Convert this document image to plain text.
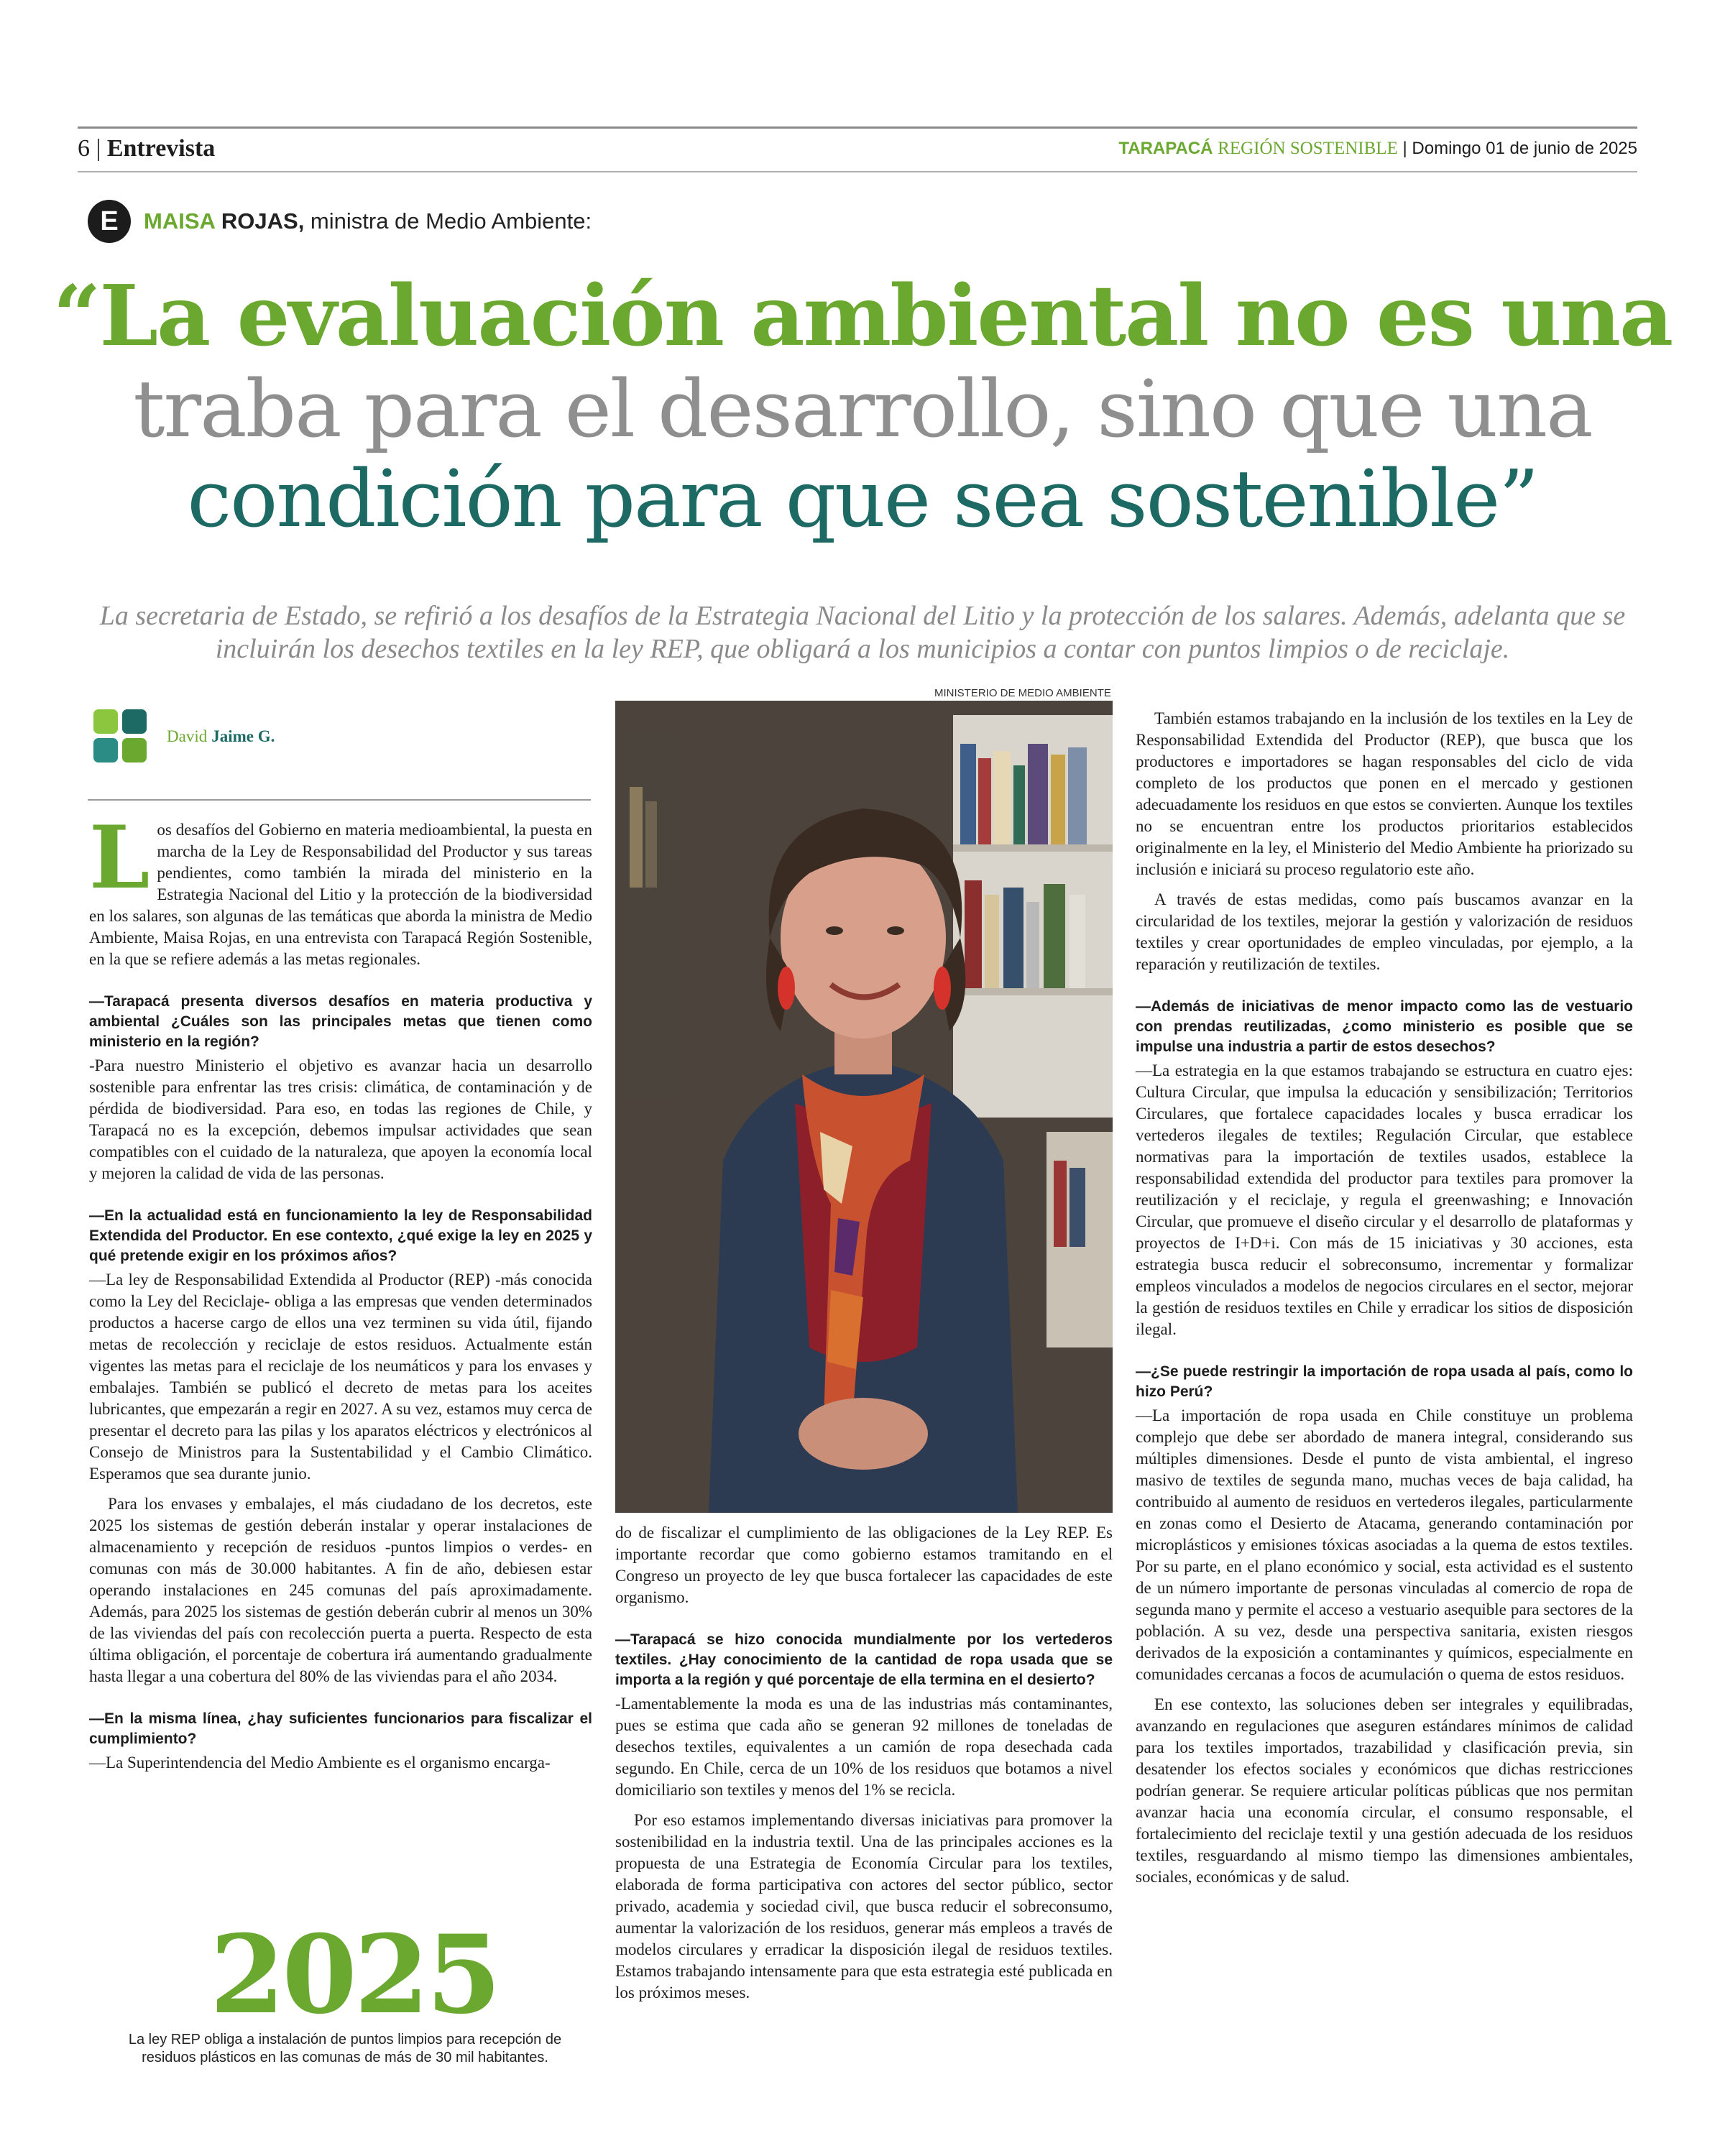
6 | Entrevista	TARAPACÁ REGIÓN SOSTENIBLE | Domingo 01 de junio de 2025
E	MAISA ROJAS, ministra de Medio Ambiente:
“La evaluación ambiental no es una
traba para el desarrollo, sino que una
condición para que sea sostenible”
La secretaria de Estado, se refirió a los desafíos de la Estrategia Nacional del Litio y la protección de los salares. Además, adelanta que se incluirán los desechos textiles en la ley REP, que obligará a los municipios a contar con puntos limpios o de reciclaje.
David Jaime G.

Los desafíos del Gobierno en materia medioambiental, la puesta en marcha de la Ley de Responsabilidad del Productor y sus tareas pendientes, como también la mirada del ministerio en la Estrategia Nacional del Litio y la protección de la biodiversidad en los salares, son algunas de las temáticas que aborda la ministra de Medio Ambiente, Maisa Rojas, en una entrevista con Tarapacá Región Sostenible, en la que se refiere además a las metas regionales.

—Tarapacá presenta diversos desafíos en materia productiva y ambiental ¿Cuáles son las principales metas que tienen como ministerio en la región?

-Para nuestro Ministerio el objetivo es avanzar hacia un desarrollo sostenible para enfrentar las tres crisis: climática, de contaminación y de pérdida de biodiversidad. Para eso, en todas las regiones de Chile, y Tarapacá no es la excepción, debemos impulsar actividades que sean compatibles con el cuidado de la naturaleza, que apoyen la economía local y mejoren la calidad de vida de las personas.

—En la actualidad está en funcionamiento la ley de Responsabilidad Extendida del Productor. En ese contexto, ¿qué exige la ley en 2025 y qué pretende exigir en los próximos años?

—La ley de Responsabilidad Extendida al Productor (REP) -más conocida como la Ley del Reciclaje- obliga a las empresas que venden determinados productos a hacerse cargo de ellos una vez terminen su vida útil, fijando metas de recolección y reciclaje de estos residuos. Actualmente están vigentes las metas para el reciclaje de los neumáticos y para los envases y embalajes. También se publicó el decreto de metas para los aceites lubricantes, que empezarán a regir en 2027. A su vez, estamos muy cerca de presentar el decreto para las pilas y los aparatos eléctricos y electrónicos al Consejo de Ministros para la Sustentabilidad y el Cambio Climático. Esperamos que sea durante junio.

Para los envases y embalajes, el más ciudadano de los decretos, este 2025 los sistemas de gestión deberán instalar y operar instalaciones de almacenamiento y recepción de residuos -puntos limpios o verdes- en comunas con más de 30.000 habitantes. A fin de año, debiesen estar operando instalaciones en 245 comunas del país aproximadamente. Además, para 2025 los sistemas de gestión deberán cubrir al menos un 30% de las viviendas del país con recolección puerta a puerta. Respecto de esta última obligación, el porcentaje de cobertura irá aumentando gradualmente hasta llegar a una cobertura del 80% de las viviendas para el año 2034.

—En la misma línea, ¿hay suficientes funcionarios para fiscalizar el cumplimiento?

—La Superintendencia del Medio Ambiente es el organismo encarga-

2025
La ley REP obliga a instalación de puntos limpios para recepción de residuos plásticos en las comunas de más de 30 mil habitantes.
MINISTERIO DE MEDIO AMBIENTE

do de fiscalizar el cumplimiento de las obligaciones de la Ley REP. Es importante recordar que como gobierno estamos tramitando en el Congreso un proyecto de ley que busca fortalecer las capacidades de este organismo.

—Tarapacá se hizo conocida mundialmente por los vertederos textiles. ¿Hay conocimiento de la cantidad de ropa usada que se importa a la región y qué porcentaje de ella termina en el desierto?

-Lamentablemente la moda es una de las industrias más contaminantes, pues se estima que cada año se generan 92 millones de toneladas de desechos textiles, equivalentes a un camión de ropa desechada cada segundo. En Chile, cerca de un 10% de los residuos que botamos a nivel domiciliario son textiles y menos del 1% se recicla.

Por eso estamos implementando diversas iniciativas para promover la sostenibilidad en la industria textil. Una de las principales acciones es la propuesta de una Estrategia de Economía Circular para los textiles, elaborada de forma participativa con actores del sector público, sector privado, academia y sociedad civil, que busca reducir el sobreconsumo, aumentar la valorización de los residuos, generar más empleos a través de modelos circulares y erradicar la disposición ilegal de residuos textiles. Estamos trabajando intensamente para que esta estrategia esté publicada en los próximos meses.

También estamos trabajando en la inclusión de los textiles en la Ley de Responsabilidad Extendida del Productor (REP), que busca que los productores e importadores se hagan responsables del ciclo de vida completo de los productos que ponen en el mercado y gestionen adecuadamente los residuos en que estos se convierten. Aunque los textiles no se encuentran entre los productos prioritarios establecidos originalmente en la ley, el Ministerio del Medio Ambiente ha priorizado su inclusión e iniciará su proceso regulatorio este año.

A través de estas medidas, como país buscamos avanzar en la circularidad de los textiles, mejorar la gestión y valorización de residuos textiles y crear oportunidades de empleo vinculadas, por ejemplo, a la reparación y reutilización de textiles.

—Además de iniciativas de menor impacto como las de vestuario con prendas reutilizadas, ¿como ministerio es posible que se impulse una industria a partir de estos desechos?

—La estrategia en la que estamos trabajando se estructura en cuatro ejes: Cultura Circular, que impulsa la educación y sensibilización; Territorios Circulares, que fortalece capacidades locales y busca erradicar los vertederos ilegales de textiles; Regulación Circular, que establece normativas para la importación de textiles usados, establece la responsabilidad extendida del productor para textiles para promover la reutilización y el reciclaje, y regula el greenwashing; e Innovación Circular, que promueve el diseño circular y el desarrollo de plataformas y proyectos de I+D+i. Con más de 15 iniciativas y 30 acciones, esta estrategia busca reducir el sobreconsumo, incrementar y formalizar empleos vinculados a modelos de negocios circulares en el sector, mejorar la gestión de residuos textiles en Chile y erradicar los sitios de disposición ilegal.

—¿Se puede restringir la importación de ropa usada al país, como lo hizo Perú?

—La importación de ropa usada en Chile constituye un problema complejo que debe ser abordado de manera integral, considerando sus múltiples dimensiones. Desde el punto de vista ambiental, el ingreso masivo de textiles de segunda mano, muchas veces de baja calidad, ha contribuido al aumento de residuos en vertederos ilegales, particularmente en zonas como el Desierto de Atacama, generando contaminación por microplásticos y emisiones tóxicas asociadas a la quema de estos textiles. Por su parte, en el plano económico y social, esta actividad es el sustento de un número importante de personas vinculadas al comercio de ropa de segunda mano y permite el acceso a vestuario asequible para sectores de la población. A su vez, desde una perspectiva sanitaria, existen riesgos derivados de la exposición a contaminantes y químicos, especialmente en comunidades cercanas a focos de acumulación o quema de estos residuos.

En ese contexto, las soluciones deben ser integrales y equilibradas, avanzando en regulaciones que aseguren estándares mínimos de calidad para los textiles importados, trazabilidad y clasificación previa, sin desatender los efectos sociales y económicos que dichas restricciones podrían generar. Se requiere articular políticas públicas que nos permitan avanzar hacia una economía circular, el consumo responsable, el fortalecimiento del reciclaje textil y una gestión adecuada de los residuos textiles, resguardando al mismo tiempo las dimensiones ambientales, sociales, económicas y de salud.
